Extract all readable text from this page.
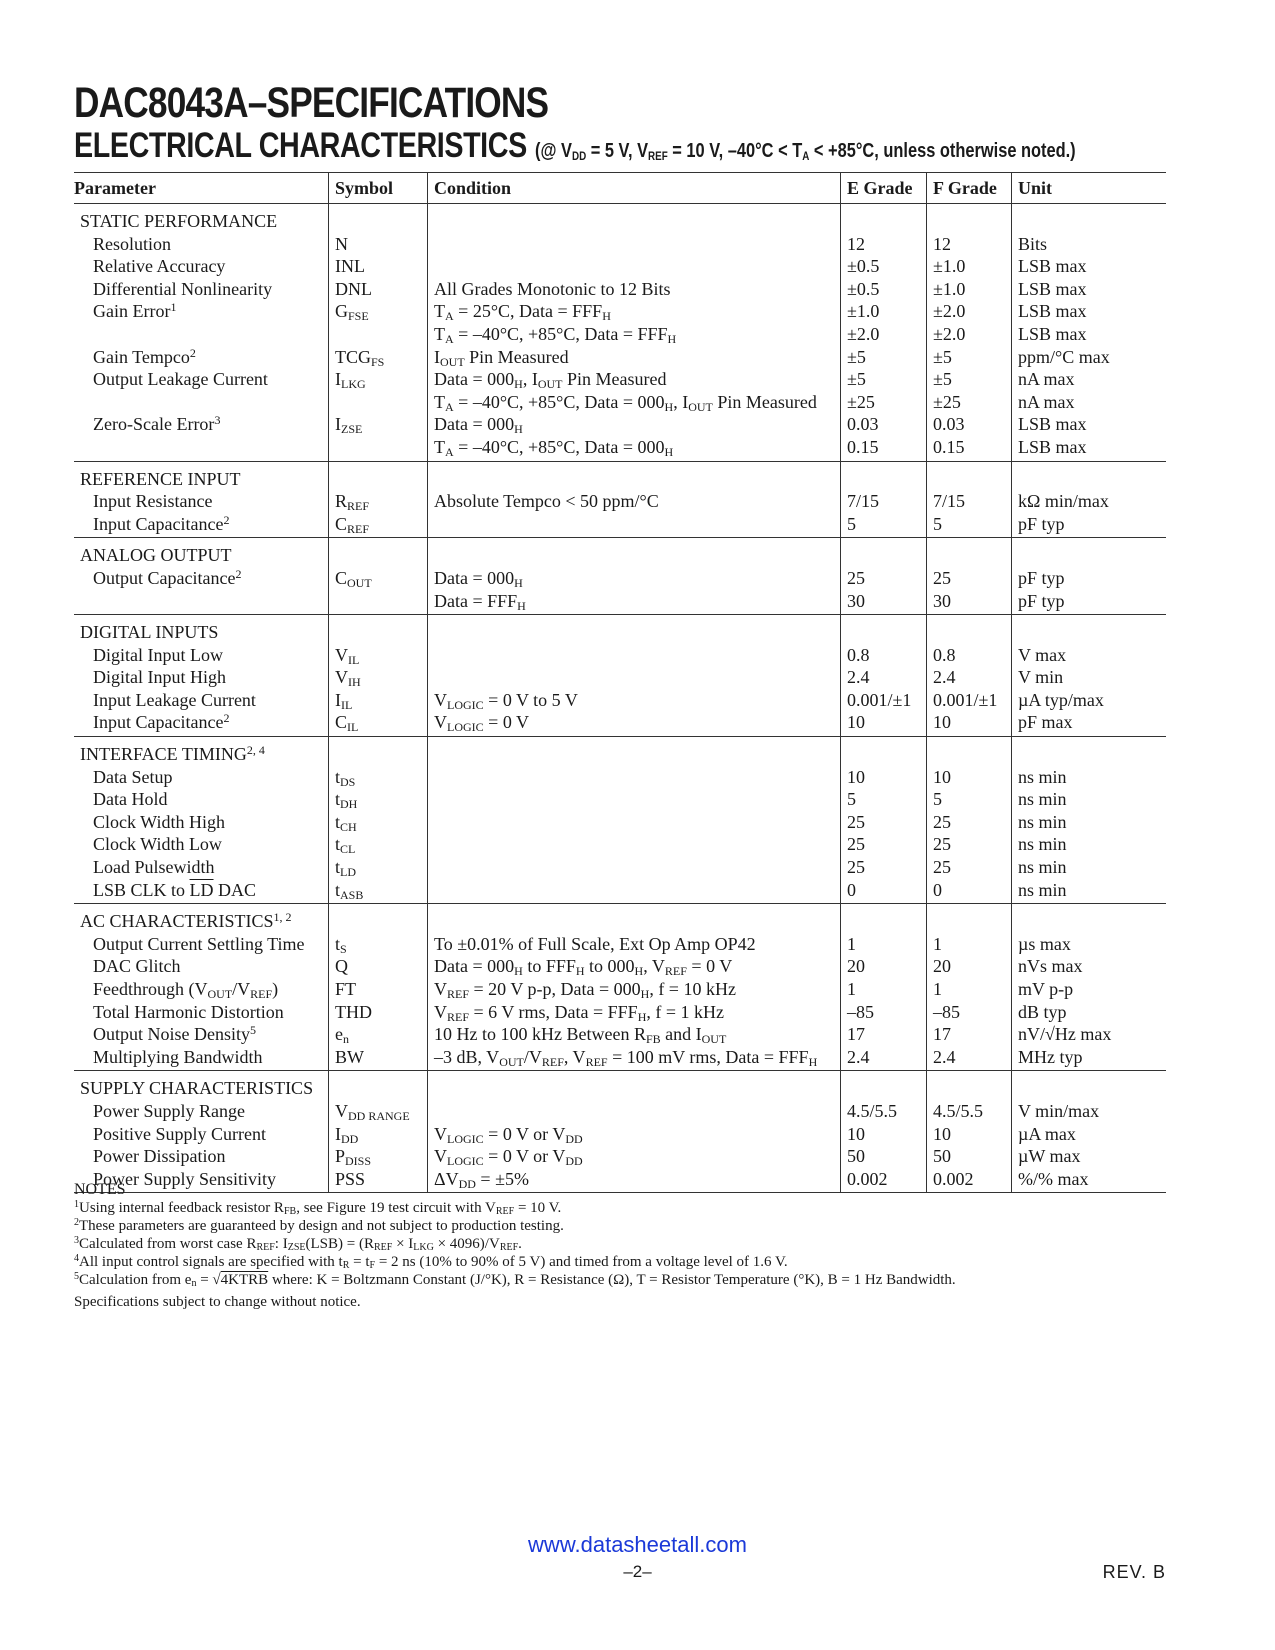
DAC8043A–SPECIFICATIONS
ELECTRICAL CHARACTERISTICS (@ $V_{DD} = 5$ V, $V_{REF} = 10$ V, $-40^\circ C < T_A < +85^\circ C$, unless otherwise noted.)
Parameter	Symbol	Condition	E Grade	F Grade	Unit
STATIC PERFORMANCE					
Resolution	N		12	12	Bits
Relative Accuracy	INL		±0.5	±1.0	LSB max
Differential Nonlinearity	DNL	All Grades Monotonic to 12 Bits	±0.5	±1.0	LSB max
Gain Error$^1$	$G_{FSE}$	$T_A = 25^\circ C$, Data = $FFF_H$	±1.0	±2.0	LSB max
		$T_A = -40^\circ C$, +85°C, Data = $FFF_H$	±2.0	±2.0	LSB max
Gain Tempco$^2$	$TCG_{FS}$	$I_{OUT}$ Pin Measured	±5	±5	ppm/°C max
Output Leakage Current	$I_{LKG}$	Data = $000_H$, $I_{OUT}$ Pin Measured	±5	±5	nA max
		$T_A = -40^\circ C$, +85°C, Data = $000_H$, $I_{OUT}$ Pin Measured	±25	±25	nA max
Zero-Scale Error$^3$	$I_{ZSE}$	Data = $000_H$	0.03	0.03	LSB max
		$T_A = -40^\circ C$, +85°C, Data = $000_H$	0.15	0.15	LSB max
REFERENCE INPUT					
Input Resistance	$R_{REF}$	Absolute Tempco < 50 ppm/°C	7/15	7/15	kΩ min/max
Input Capacitance$^2$	$C_{REF}$		5	5	pF typ
ANALOG OUTPUT					
Output Capacitance$^2$	$C_{OUT}$	Data = $000_H$	25	25	pF typ
		Data = $FFF_H$	30	30	pF typ
DIGITAL INPUTS					
Digital Input Low	$V_{IL}$		0.8	0.8	V max
Digital Input High	$V_{IH}$		2.4	2.4	V min
Input Leakage Current	$I_{IL}$	$V_{LOGIC} = 0$ V to 5 V	0.001/±1	0.001/±1	µA typ/max
Input Capacitance$^2$	$C_{IL}$	$V_{LOGIC} = 0$ V	10	10	pF max
INTERFACE TIMING$^{2, 4}$					
Data Setup	$t_{DS}$		10	10	ns min
Data Hold	$t_{DH}$		5	5	ns min
Clock Width High	$t_{CH}$		25	25	ns min
Clock Width Low	$t_{CL}$		25	25	ns min
Load Pulsewidth	$t_{LD}$		25	25	ns min
LSB CLK to $\overline{LD}$ DAC	$t_{ASB}$		0	0	ns min
AC CHARACTERISTICS$^{1, 2}$					
Output Current Settling Time	$t_S$	To ±0.01% of Full Scale, Ext Op Amp OP42	1	1	µs max
DAC Glitch	Q	Data = $000_H$ to $FFF_H$ to $000_H$, $V_{REF} = 0$ V	20	20	nVs max
Feedthrough $(V_{OUT}/V_{REF})$	FT	$V_{REF} = 20$ V p-p, Data = $000_H$, f = 10 kHz	1	1	mV p-p
Total Harmonic Distortion	THD	$V_{REF} = 6$ V rms, Data = $FFF_H$, f = 1 kHz	–85	–85	dB typ
Output Noise Density$^5$	$e_n$	10 Hz to 100 kHz Between $R_{FB}$ and $I_{OUT}$	17	17	nV/√Hz max
Multiplying Bandwidth	BW	–3 dB, $V_{OUT}/V_{REF}$, $V_{REF} = 100$ mV rms, Data = $FFF_H$	2.4	2.4	MHz typ
SUPPLY CHARACTERISTICS					
Power Supply Range	$V_{DD RANGE}$		4.5/5.5	4.5/5.5	V min/max
Positive Supply Current	$I_{DD}$	$V_{LOGIC} = 0$ V or $V_{DD}$	10	10	µA max
Power Dissipation	$P_{DISS}$	$V_{LOGIC} = 0$ V or $V_{DD}$	50	50	µW max
Power Supply Sensitivity	PSS	$\Delta V_{DD} = \pm 5\%$	0.002	0.002	%/% max
NOTES
$^1$Using internal feedback resistor $R_{FB}$, see Figure 19 test circuit with $V_{REF} = 10$ V.
$^2$These parameters are guaranteed by design and not subject to production testing.
$^3$Calculated from worst case $R_{REF}$: $I_{ZSE}(LSB) = (R_{REF} \times I_{LKG} \times 4096)/V_{REF}$.
$^4$All input control signals are specified with $t_R = t_F = 2$ ns (10% to 90% of 5 V) and timed from a voltage level of 1.6 V.
$^5$Calculation from $e_n$ = √4KTRB where: K = Boltzmann Constant (J/°K), R = Resistance (Ω), T = Resistor Temperature (°K), B = 1 Hz Bandwidth.
Specifications subject to change without notice.
www.datasheetall.com
–2–	REV. B
